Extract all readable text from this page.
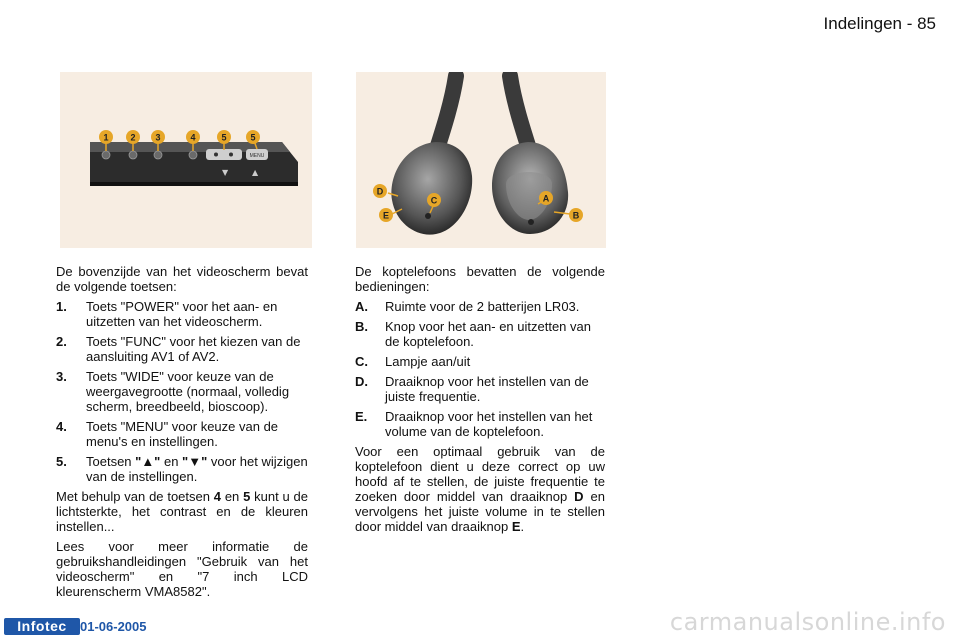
Indelingen - 85
MENU
▼	▲
1 2 3	4	5	5
A
B
C
D
E

De bovenzijde van het videoscherm bevat de volgende toetsen:

1.	Toets "POWER" voor het aan- en uitzetten van het videoscherm.
2.	Toets "FUNC" voor het kiezen van de aansluiting AV1 of AV2.
3.	Toets "WIDE" voor keuze van de weergavegrootte (normaal, volledig scherm, breedbeeld, bioscoop).
4.	Toets "MENU" voor keuze van de menu's en instellingen.
5.	Toetsen "▲" en "▼" voor het wijzigen van de instellingen.

Met behulp van de toetsen 4 en 5 kunt u de lichtsterkte, het contrast en de kleuren instellen...

Lees voor meer informatie de gebruikshandleidingen "Gebruik van het videoscherm" en "7 inch LCD kleurenscherm VMA8582".

De koptelefoons bevatten de volgende bedieningen:

A.	Ruimte voor de 2 batterijen LR03.
B.	Knop voor het aan- en uitzetten van de koptelefoon.
C.	Lampje aan/uit
D.	Draaiknop voor het instellen van de juiste frequentie.
E.	Draaiknop voor het instellen van het volume van de koptelefoon.

Voor een optimaal gebruik van de koptelefoon dient u deze correct op uw hoofd af te stellen, de juiste frequentie te zoeken door middel van draaiknop D en vervolgens het juiste volume in te stellen door middel van draaiknop E.

Infotec	01-06-2005	carmanualsonline.info
